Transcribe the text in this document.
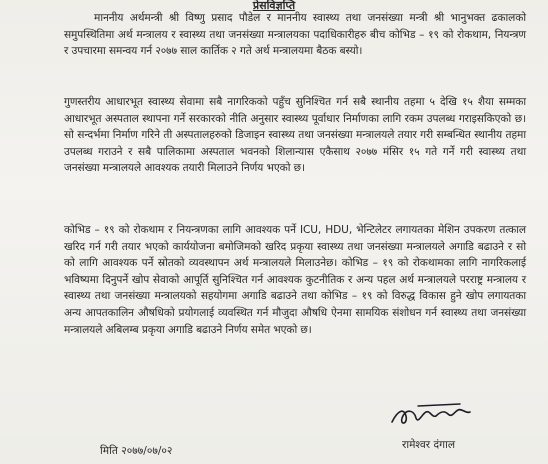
प्रेसविज्ञप्ति

माननीय अर्थमन्त्री श्री विष्णु प्रसाद पौडेल र माननीय स्वास्थ्य तथा जनसंख्या मन्त्री श्री भानुभक्त ढकालको समुपस्थितिमा अर्थ मन्त्रालय र स्वास्थ्य तथा जनसंख्या मन्त्रालयका पदाधिकारीहरु बीच कोभिड – १९ को रोकथाम, नियन्त्रण र उपचारमा समन्वय गर्न २०७७ साल कार्तिक २ गते अर्थ मन्त्रालयमा बैठक बस्यो।

गुणस्तरीय आधारभूत स्वास्थ्य सेवामा सबै नागरिकको पहुँच सुनिश्चित गर्न सबै स्थानीय तहमा ५ देखि १५ शैया सम्मका आधारभूत अस्पताल स्थापना गर्ने सरकारको नीति अनुसार स्वास्थ्य पूर्वाधार निर्माणका लागि रकम उपलब्ध गराइसकिएको छ। सो सन्दर्भमा निर्माण गरिने ती अस्पतालहरुको डिजाइन स्वास्थ्य तथा जनसंख्या मन्त्रालयले तयार गरी सम्बन्धित स्थानीय तहमा उपलब्ध गराउने र सबै पालिकामा अस्पताल भवनको शिलान्यास एकैसाथ २०७७ मंसिर १५ गते गर्ने गरी स्वास्थ्य तथा जनसंख्या मन्त्रालयले आवश्यक तयारी मिलाउने निर्णय भएको छ।

कोभिड – १९ को रोकथाम र नियन्त्रणका लागि आवश्यक पर्ने ICU, HDU, भेन्टिलेटर लगायतका मेशिन उपकरण तत्काल खरिद गर्न गरी तयार भएको कार्ययोजना बमोजिमको खरिद प्रकृया स्वास्थ्य तथा जनसंख्या मन्त्रालयले अगाडि बढाउने र सो को लागि आवश्यक पर्ने स्रोतको व्यवस्थापन अर्थ मन्त्रालयले मिलाउनेछ। कोभिड – १९ को रोकथामका लागि नागरिकलाई भविष्यमा दिनुपर्ने खोप सेवाको आपूर्ति सुनिश्चित गर्न आवश्यक कुटनीतिक र अन्य पहल अर्थ मन्त्रालयले परराष्ट्र मन्त्रालय र स्वास्थ्य तथा जनसंख्या मन्त्रालयको सहयोगमा अगाडि बढाउने तथा कोभिड – १९ को विरुद्ध विकास हुने खोप लगायतका अन्य आपतकालिन औषधिको प्रयोगलाई व्यवस्थित गर्न मौजुदा औषधि ऐनमा सामयिक संशोधन गर्न स्वास्थ्य तथा जनसंख्या मन्त्रालयले अबिलम्ब प्रकृया अगाडि बढाउने निर्णय समेत भएको छ।

रामेश्वर दंगाल
मिति २०७७/०७/०२
